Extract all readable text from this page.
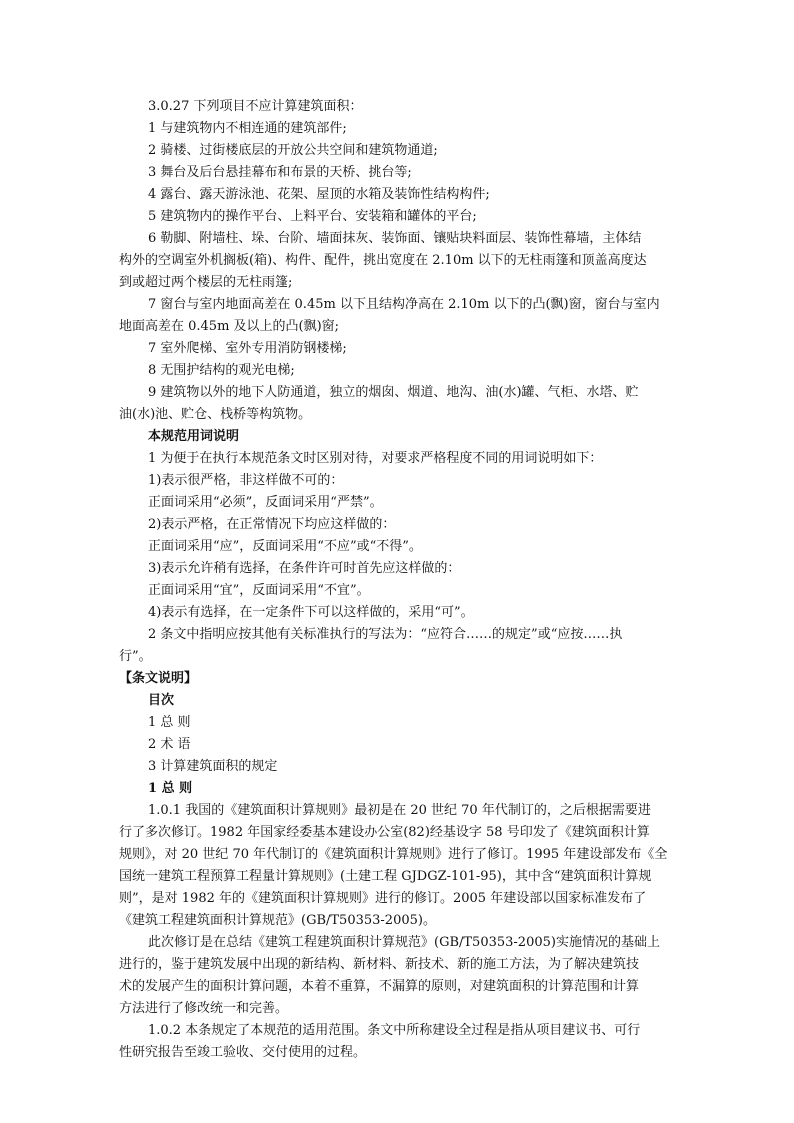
3.0.27 下列项目不应计算建筑面积：
1 与建筑物内不相连通的建筑部件;
2 骑楼、过街楼底层的开放公共空间和建筑物通道;
3 舞台及后台悬挂幕布和布景的天桥、挑台等;
4 露台、露天游泳池、花架、屋顶的水箱及装饰性结构构件;
5 建筑物内的操作平台、上料平台、安装箱和罐体的平台;
6 勒脚、附墙柱、垛、台阶、墙面抹灰、装饰面、镶贴块料面层、装饰性幕墙，主体结
构外的空调室外机搁板(箱)、构件、配件，挑出宽度在 2.10m 以下的无柱雨篷和顶盖高度达
到或超过两个楼层的无柱雨篷;
7 窗台与室内地面高差在 0.45m 以下且结构净高在 2.10m 以下的凸(飘)窗，窗台与室内
地面高差在 0.45m 及以上的凸(飘)窗;
7 室外爬梯、室外专用消防钢楼梯;
8 无围护结构的观光电梯;
9 建筑物以外的地下人防通道，独立的烟囱、烟道、地沟、油(水)罐、气柜、水塔、贮
油(水)池、贮仓、栈桥等构筑物。
本规范用词说明
1 为便于在执行本规范条文时区别对待，对要求严格程度不同的用词说明如下：
1)表示很严格，非这样做不可的：
正面词采用“必须”，反面词采用“严禁”。
2)表示严格，在正常情况下均应这样做的：
正面词采用“应”，反面词采用“不应”或“不得”。
3)表示允许稍有选择，在条件许可时首先应这样做的：
正面词采用“宜”，反面词采用“不宜”。
4)表示有选择，在一定条件下可以这样做的，采用“可”。
2 条文中指明应按其他有关标准执行的写法为：“应符合……的规定”或“应按……执
行”。
【条文说明】
目次
1 总 则
2 术 语
3 计算建筑面积的规定
1 总 则
1.0.1 我国的《建筑面积计算规则》最初是在 20 世纪 70 年代制订的，之后根据需要进
行了多次修订。1982 年国家经委基本建设办公室(82)经基设字 58 号印发了《建筑面积计算
规则》，对 20 世纪 70 年代制订的《建筑面积计算规则》进行了修订。1995 年建设部发布《全
国统一建筑工程预算工程量计算规则》(土建工程 GJDGZ-101-95)，其中含“建筑面积计算规
则”，是对 1982 年的《建筑面积计算规则》进行的修订。2005 年建设部以国家标准发布了
《建筑工程建筑面积计算规范》(GB/T50353-2005)。
此次修订是在总结《建筑工程建筑面积计算规范》(GB/T50353-2005)实施情况的基础上
进行的，鉴于建筑发展中出现的新结构、新材料、新技术、新的施工方法，为了解决建筑技
术的发展产生的面积计算问题，本着不重算，不漏算的原则，对建筑面积的计算范围和计算
方法进行了修改统一和完善。
1.0.2 本条规定了本规范的适用范围。条文中所称建设全过程是指从项目建议书、可行
性研究报告至竣工验收、交付使用的过程。
